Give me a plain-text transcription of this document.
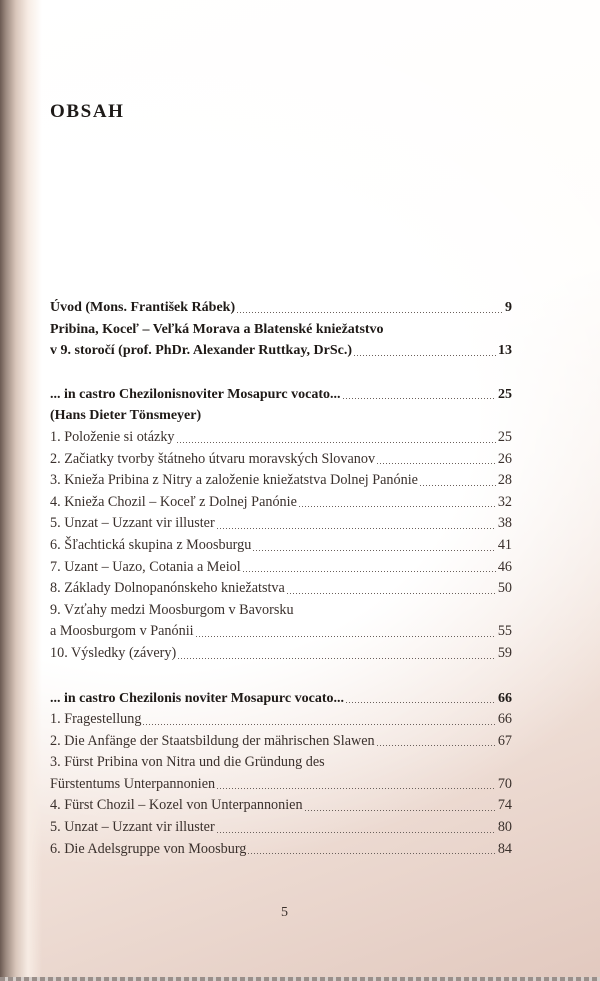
OBSAH
Úvod (Mons. František Rábek)	9
Pribina, Koceľ – Veľká Morava a Blatenské kniežatstvo
v 9. storočí (prof. PhDr. Alexander Ruttkay, DrSc.)	13
... in castro Chezilonisnoviter Mosapurc vocato...	25
(Hans Dieter Tönsmeyer)
1. Položenie si otázky	25
2. Začiatky tvorby štátneho útvaru moravských Slovanov	26
3. Knieža Pribina z Nitry a založenie kniežatstva Dolnej Panónie	28
4. Knieža Chozil – Koceľ z Dolnej Panónie	32
5. Unzat – Uzzant vir illuster	38
6. Šľachtická skupina z Moosburgu	41
7. Uzant – Uazo, Cotania a Meiol	46
8. Základy Dolnopanónskeho kniežatstva	50
9. Vzťahy medzi Moosburgom v Bavorsku
a Moosburgom v Panónii	55
10. Výsledky (závery)	59
... in castro Chezilonis noviter Mosapurc vocato...	66
1. Fragestellung	66
2. Die Anfänge der Staatsbildung der mährischen Slawen	67
3. Fürst Pribina von Nitra und die Gründung des
Fürstentums Unterpannonien	70
4. Fürst Chozil – Kozel von Unterpannonien	74
5. Unzat – Uzzant vir illuster	80
6. Die Adelsgruppe von Moosburg	84
5
